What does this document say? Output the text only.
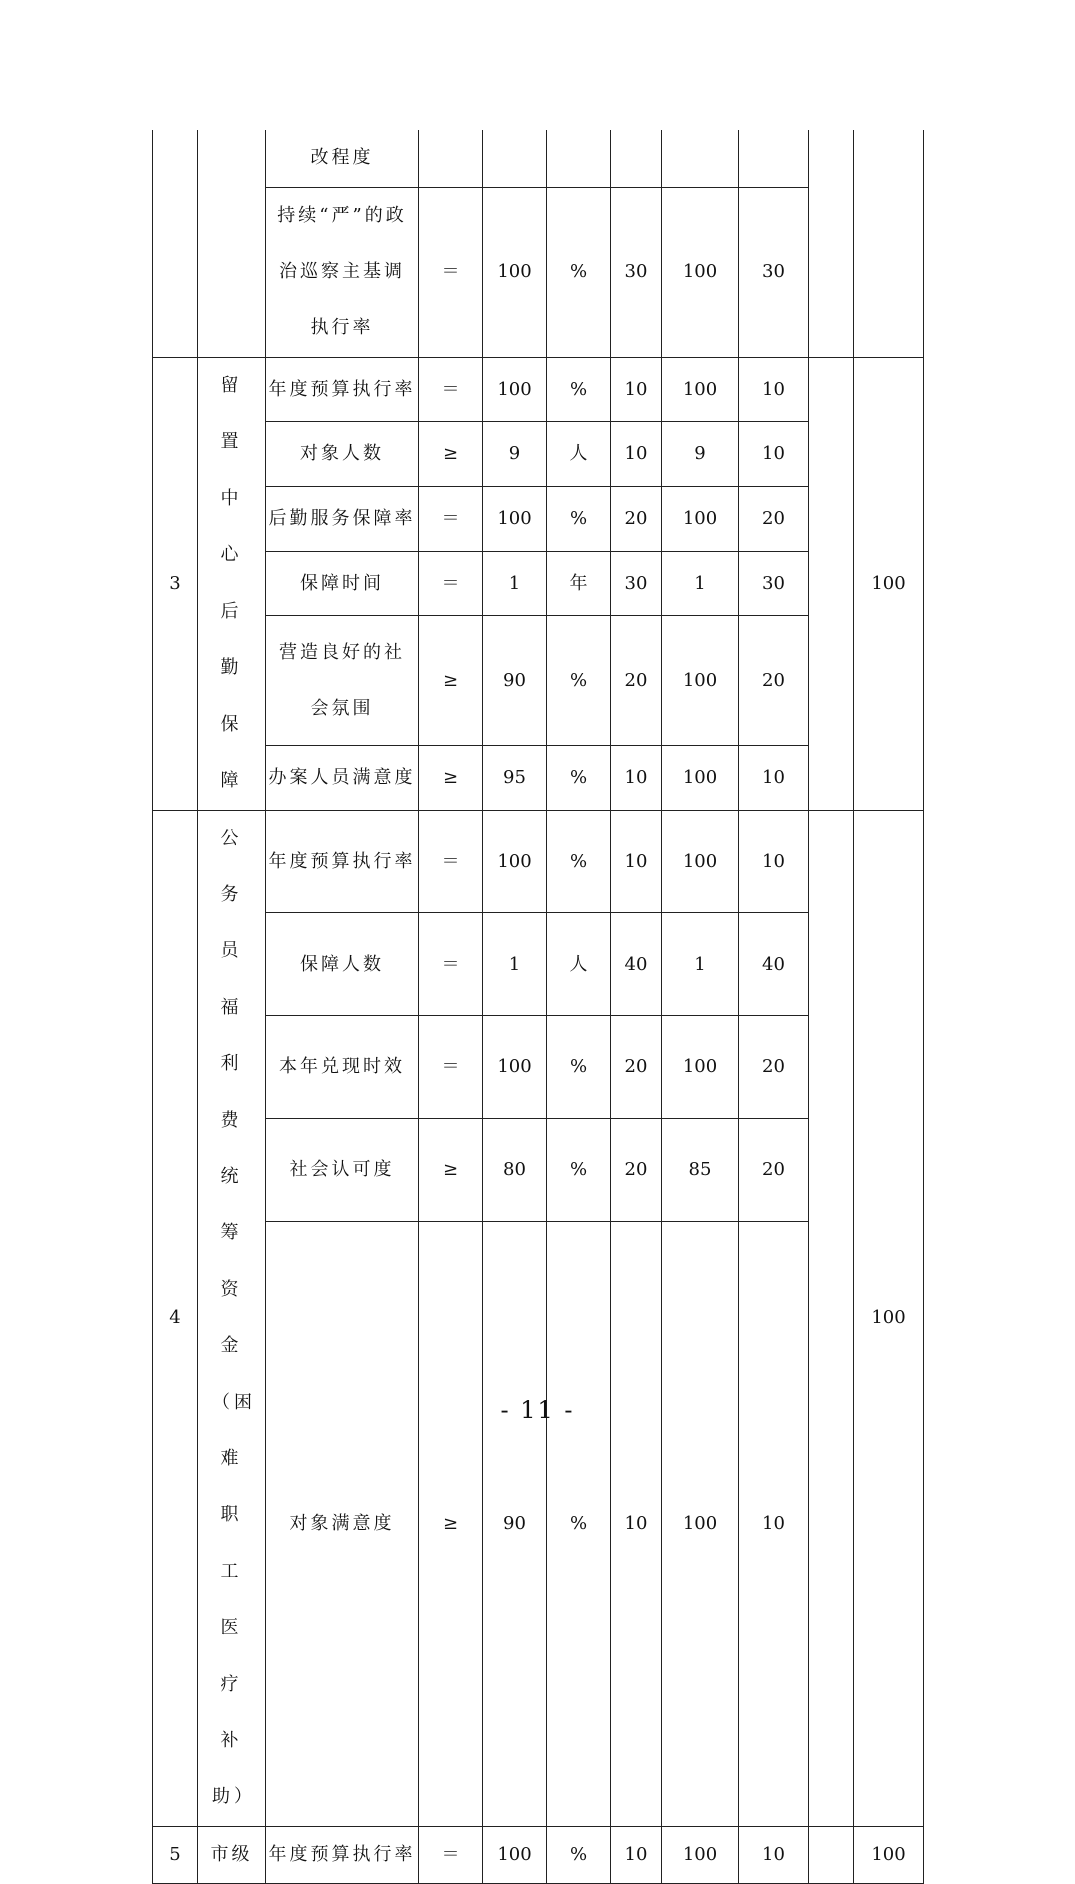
		改程度								

		持续“严”的政治巡察主基调执行率	＝	100	%	30	100	30		
3	留置中心后勤保障	年度预算执行率	＝	100	%	10	100	10		100
		对象人数	≥	9	人	10	9	10		
		后勤服务保障率	＝	100	%	20	100	20		
		保障时间	＝	1	年	30	1	30		

		营造良好的社会氛围	≥	90	%	20	100	20		
		办案人员满意度	≥	95	%	10	100	10		
4	公务员福利费统筹资金（困难职工医疗补助）	年度预算执行率	＝	100	%	10	100	10		100
		保障人数	＝	1	人	40	1	40		
		本年兑现时效	＝	100	%	20	100	20		
		社会认可度	≥	80	%	20	85	20		
		对象满意度	≥	90	%	10	100	10		
5	市级	年度预算执行率	＝	100	%	10	100	10		100
- 11 -
